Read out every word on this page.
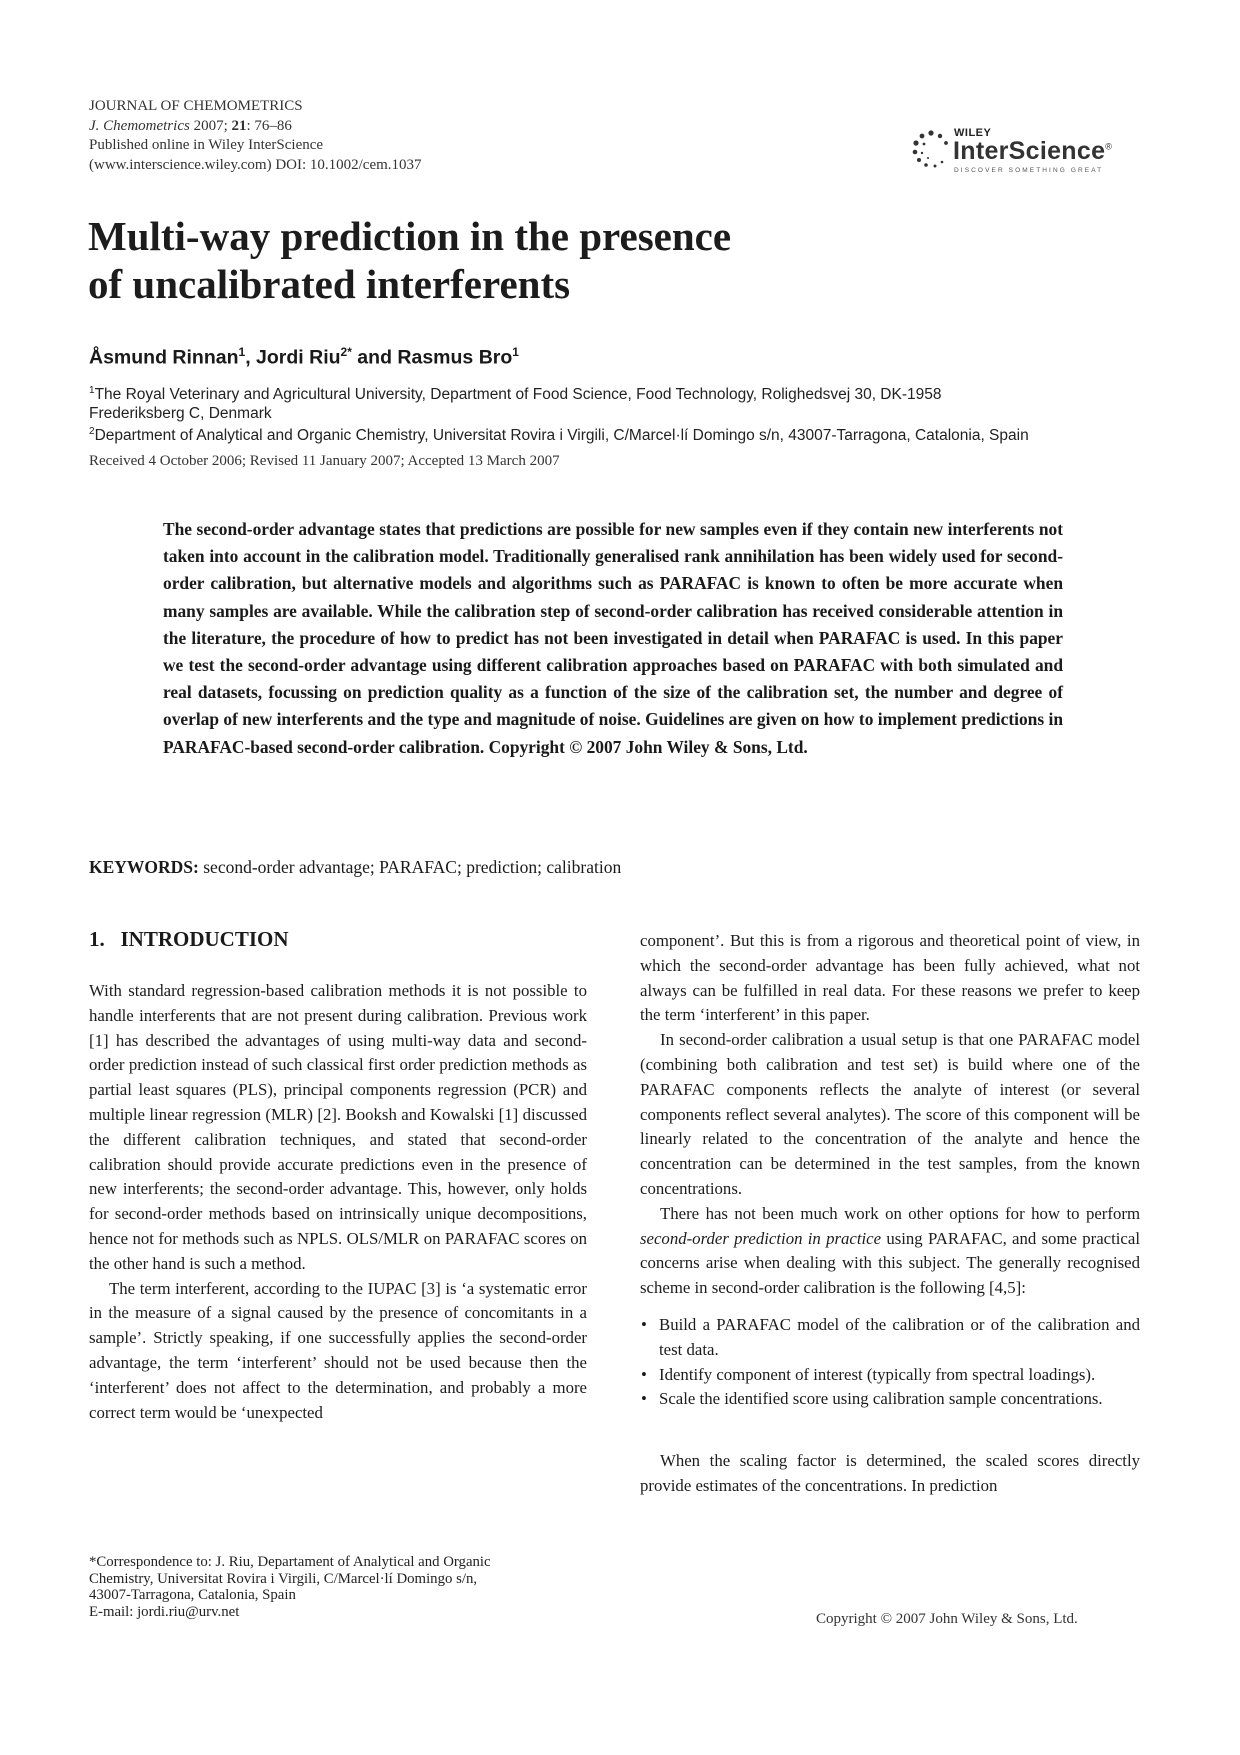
JOURNAL OF CHEMOMETRICS
J. Chemometrics 2007; 21: 76–86
Published online in Wiley InterScience
(www.interscience.wiley.com) DOI: 10.1002/cem.1037
WILEY
InterScience®
DISCOVER SOMETHING GREAT
Multi-way prediction in the presence
of uncalibrated interferents
Åsmund Rinnan$^1$, Jordi Riu$^{2*}$ and Rasmus Bro$^1$
$^1$The Royal Veterinary and Agricultural University, Department of Food Science, Food Technology, Rolighedsvej 30, DK-1958
Frederiksberg C, Denmark
$^2$Department of Analytical and Organic Chemistry, Universitat Rovira i Virgili, C/Marcel·lí Domingo s/n, 43007-Tarragona, Catalonia, Spain
Received 4 October 2006; Revised 11 January 2007; Accepted 13 March 2007
The second-order advantage states that predictions are possible for new samples even if they contain new interferents not taken into account in the calibration model. Traditionally generalised rank annihilation has been widely used for second-order calibration, but alternative models and algorithms such as PARAFAC is known to often be more accurate when many samples are available. While the calibration step of second-order calibration has received considerable attention in the literature, the procedure of how to predict has not been investigated in detail when PARAFAC is used. In this paper we test the second-order advantage using different calibration approaches based on PARAFAC with both simulated and real datasets, focussing on prediction quality as a function of the size of the calibration set, the number and degree of overlap of new interferents and the type and magnitude of noise. Guidelines are given on how to implement predictions in PARAFAC-based second-order calibration. Copyright © 2007 John Wiley & Sons, Ltd.
KEYWORDS: second-order advantage; PARAFAC; prediction; calibration
1.   INTRODUCTION

With standard regression-based calibration methods it is not possible to handle interferents that are not present during calibration. Previous work [1] has described the advantages of using multi-way data and second-order prediction instead of such classical first order prediction methods as partial least squares (PLS), principal components regression (PCR) and multiple linear regression (MLR) [2]. Booksh and Kowalski [1] discussed the different calibration techniques, and stated that second-order calibration should provide accurate predictions even in the presence of new interferents; the second-order advantage. This, however, only holds for second-order methods based on intrinsically unique decompositions, hence not for methods such as NPLS. OLS/MLR on PARAFAC scores on the other hand is such a method.

The term interferent, according to the IUPAC [3] is ‘a systematic error in the measure of a signal caused by the presence of concomitants in a sample’. Strictly speaking, if one successfully applies the second-order advantage, the term ‘interferent’ should not be used because then the ‘interferent’ does not affect to the determination, and probably a more correct term would be ‘unexpected

component’. But this is from a rigorous and theoretical point of view, in which the second-order advantage has been fully achieved, what not always can be fulfilled in real data. For these reasons we prefer to keep the term ‘interferent’ in this paper.

In second-order calibration a usual setup is that one PARAFAC model (combining both calibration and test set) is build where one of the PARAFAC components reflects the analyte of interest (or several components reflect several analytes). The score of this component will be linearly related to the concentration of the analyte and hence the concentration can be determined in the test samples, from the known concentrations.

There has not been much work on other options for how to perform second-order prediction in practice using PARAFAC, and some practical concerns arise when dealing with this subject. The generally recognised scheme in second-order calibration is the following [4,5]:

• Build a PARAFAC model of the calibration or of the calibration and test data.
• Identify component of interest (typically from spectral loadings).
• Scale the identified score using calibration sample concentrations.

When the scaling factor is determined, the scaled scores directly provide estimates of the concentrations. In prediction

*Correspondence to: J. Riu, Departament of Analytical and Organic
Chemistry, Universitat Rovira i Virgili, C/Marcel·lí Domingo s/n,
43007-Tarragona, Catalonia, Spain
E-mail: jordi.riu@urv.net	Copyright © 2007 John Wiley & Sons, Ltd.
